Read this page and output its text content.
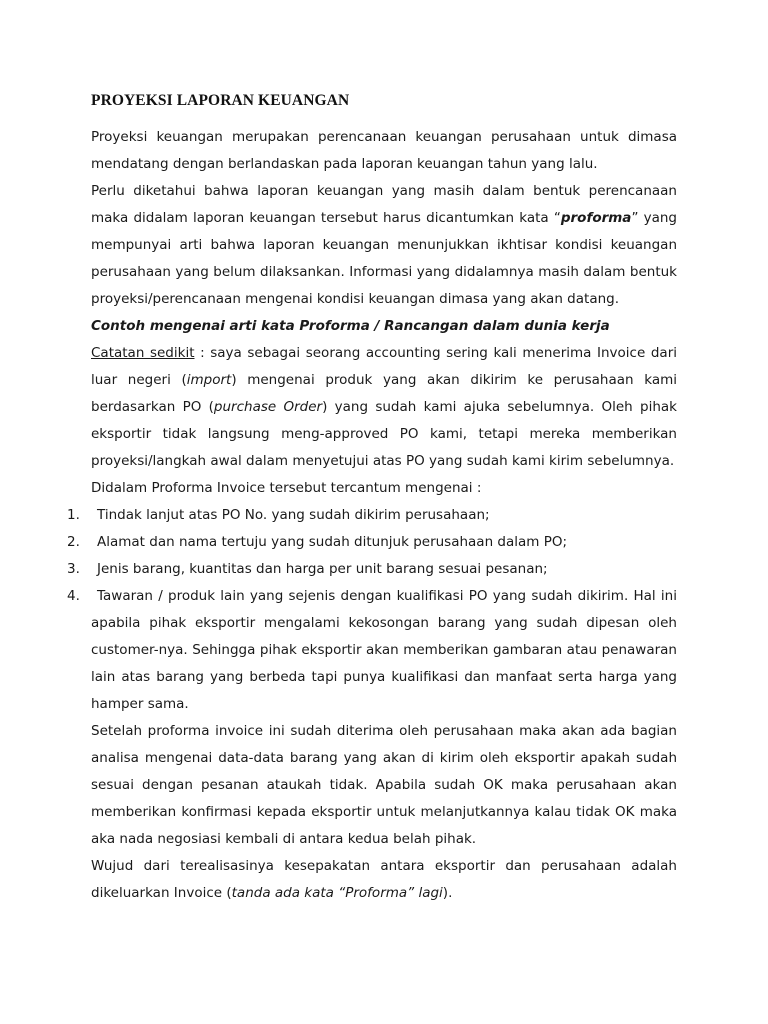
PROYEKSI LAPORAN KEUANGAN

Proyeksi keuangan merupakan perencanaan keuangan perusahaan untuk dimasa mendatang dengan berlandaskan pada laporan keuangan tahun yang lalu.

Perlu diketahui bahwa laporan keuangan yang masih dalam bentuk perencanaan maka didalam laporan keuangan tersebut harus dicantumkan kata “proforma” yang mempunyai arti bahwa laporan keuangan menunjukkan ikhtisar kondisi keuangan perusahaan yang belum dilaksankan. Informasi yang didalamnya masih dalam bentuk proyeksi/perencanaan mengenai kondisi keuangan dimasa yang akan datang.

Contoh mengenai arti kata Proforma / Rancangan dalam dunia kerja

Catatan sedikit : saya sebagai seorang accounting sering kali menerima Invoice dari luar negeri (import) mengenai produk yang akan dikirim ke perusahaan kami berdasarkan PO (purchase Order) yang sudah kami ajuka sebelumnya. Oleh pihak eksportir tidak langsung meng-approved PO kami, tetapi mereka memberikan proyeksi/langkah awal dalam menyetujui atas PO yang sudah kami kirim sebelumnya.

Didalam Proforma Invoice tersebut tercantum mengenai :

1. Tindak lanjut atas PO No. yang sudah dikirim perusahaan;
2. Alamat dan nama tertuju yang sudah ditunjuk perusahaan dalam PO;
3. Jenis barang, kuantitas dan harga per unit barang sesuai pesanan;
4. Tawaran / produk lain yang sejenis dengan kualifikasi PO yang sudah dikirim. Hal ini apabila pihak eksportir mengalami kekosongan barang yang sudah dipesan oleh customer-nya. Sehingga pihak eksportir akan memberikan gambaran atau penawaran lain atas barang yang berbeda tapi punya kualifikasi dan manfaat serta harga yang hamper sama.

Setelah proforma invoice ini sudah diterima oleh perusahaan maka akan ada bagian analisa mengenai data-data barang yang akan di kirim oleh eksportir apakah sudah sesuai dengan pesanan ataukah tidak. Apabila sudah OK maka perusahaan akan memberikan konfirmasi kepada eksportir untuk melanjutkannya kalau tidak OK maka aka nada negosiasi kembali di antara kedua belah pihak.

Wujud dari terealisasinya kesepakatan antara eksportir dan perusahaan adalah dikeluarkan Invoice (tanda ada kata “Proforma” lagi).
